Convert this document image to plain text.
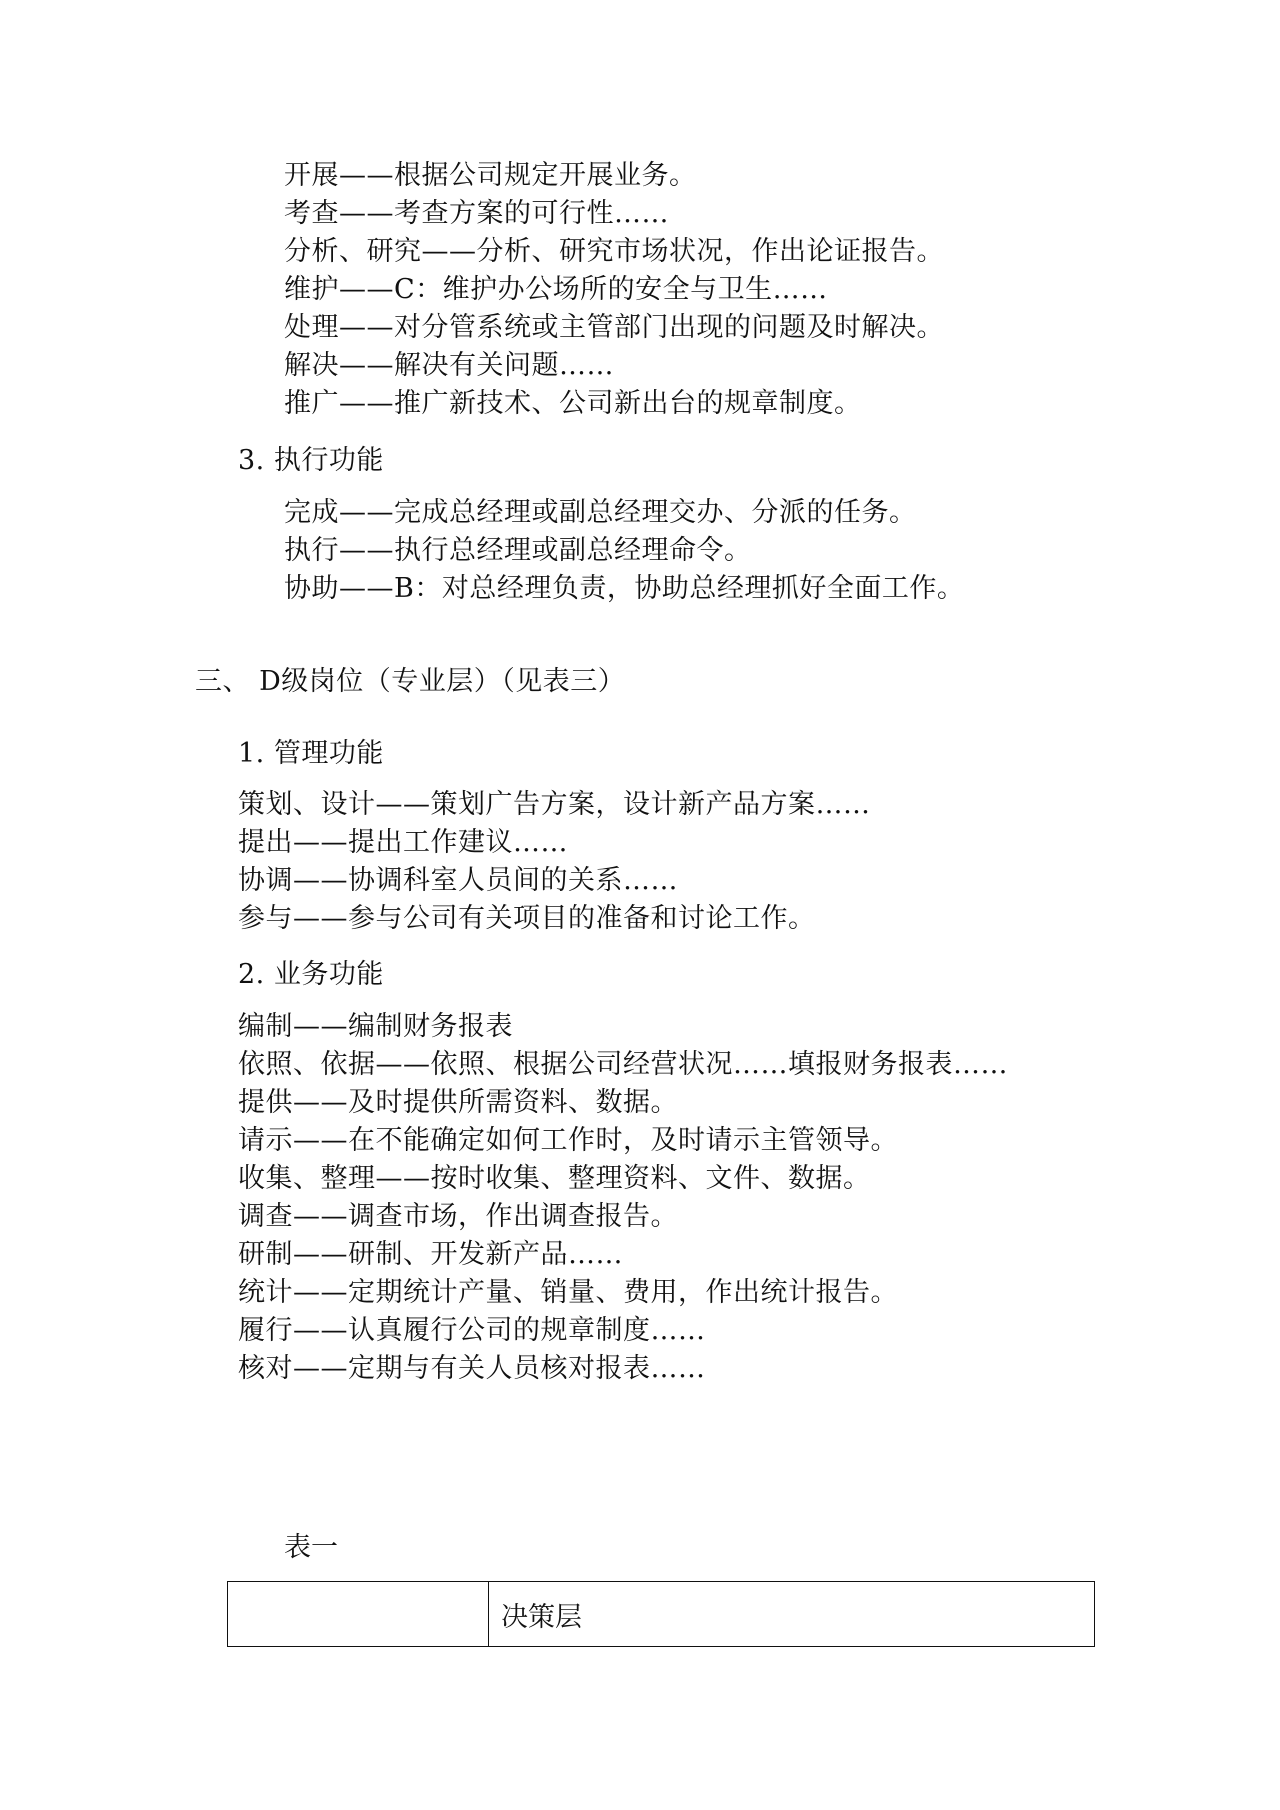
开展——根据公司规定开展业务。
考查——考查方案的可行性……
分析、研究——分析、研究市场状况，作出论证报告。
维护——C：维护办公场所的安全与卫生……
处理——对分管系统或主管部门出现的问题及时解决。
解决——解决有关问题……
推广——推广新技术、公司新出台的规章制度。
3. 执行功能
完成——完成总经理或副总经理交办、分派的任务。
执行——执行总经理或副总经理命令。
协助——B：对总经理负责，协助总经理抓好全面工作。
三、 D级岗位（专业层）（见表三）
1. 管理功能
策划、设计——策划广告方案，设计新产品方案……
提出——提出工作建议……
协调——协调科室人员间的关系……
参与——参与公司有关项目的准备和讨论工作。
2. 业务功能
编制——编制财务报表
依照、依据——依照、根据公司经营状况……填报财务报表……
提供——及时提供所需资料、数据。
请示——在不能确定如何工作时，及时请示主管领导。
收集、整理——按时收集、整理资料、文件、数据。
调查——调查市场，作出调查报告。
研制——研制、开发新产品……
统计——定期统计产量、销量、费用，作出统计报告。
履行——认真履行公司的规章制度……
核对——定期与有关人员核对报表……
表一
决策层
